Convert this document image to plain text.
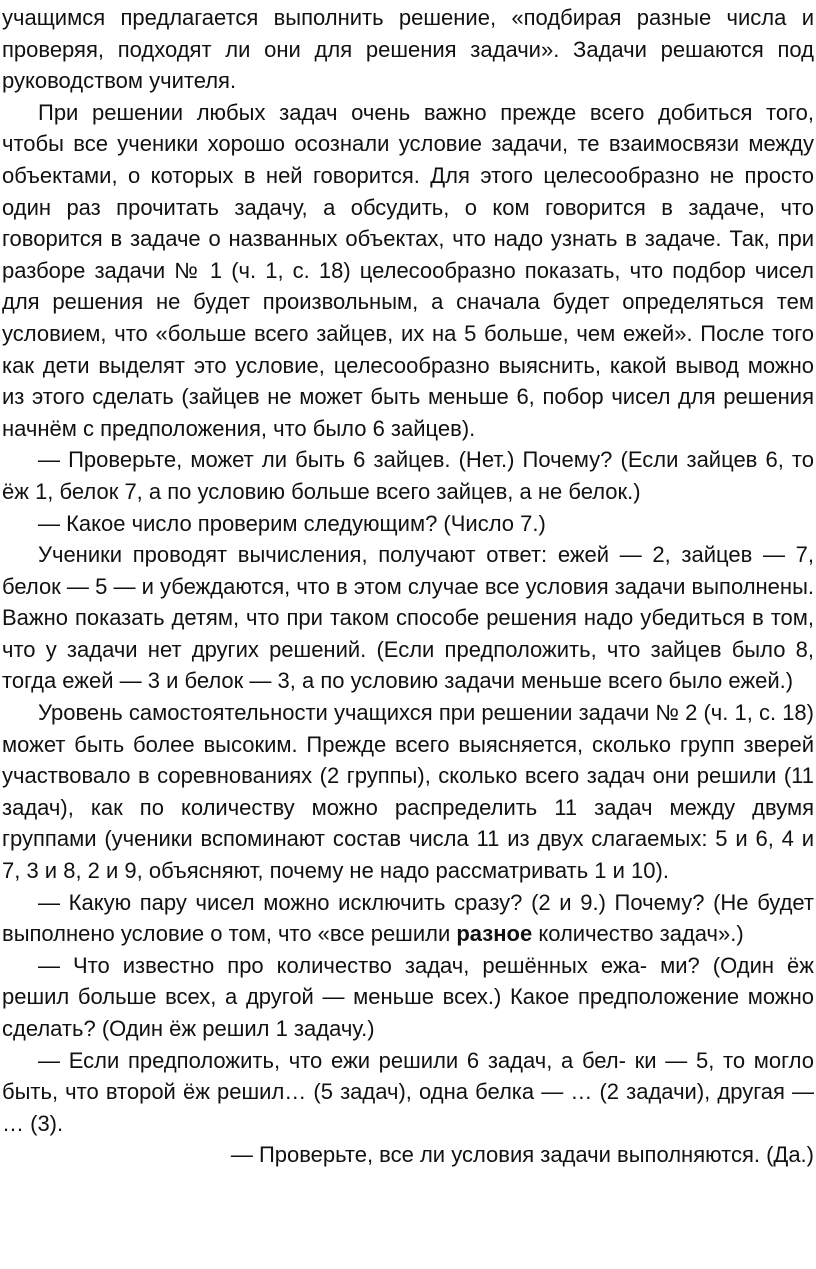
учащимся предлагается выполнить решение, «подбирая разные числа и проверяя, подходят ли они для решения задачи». Задачи решаются под руководством учителя.

При решении любых задач очень важно прежде всего добиться того, чтобы все ученики хорошо осознали условие задачи, те взаимосвязи между объектами, о которых в ней говорится. Для этого целесообразно не просто один раз прочитать задачу, а обсудить, о ком говорится в задаче, что говорится в задаче о названных объектах, что надо узнать в задаче. Так, при разборе задачи № 1 (ч. 1, с. 18) целесообразно показать, что подбор чисел для решения не будет произвольным, а сначала будет определяться тем условием, что «больше всего зайцев, их на 5 больше, чем ежей». После того как дети выделят это условие, целесообразно выяснить, какой вывод можно из этого сделать (зайцев не может быть меньше 6, побор чисел для решения начнём с предположения, что было 6 зайцев).

— Проверьте, может ли быть 6 зайцев. (Нет.) Почему? (Если зайцев 6, то ёж 1, белок 7, а по условию больше всего зайцев, а не белок.)

— Какое число проверим следующим? (Число 7.)

Ученики проводят вычисления, получают ответ: ежей — 2, зайцев — 7, белок — 5 — и убеждаются, что в этом случае все условия задачи выполнены. Важно показать детям, что при таком способе решения надо убедиться в том, что у задачи нет других решений. (Если предположить, что зайцев было 8, тогда ежей — 3 и белок — 3, а по условию задачи меньше всего было ежей.)

Уровень самостоятельности учащихся при решении задачи № 2 (ч. 1, с. 18) может быть более высоким. Прежде всего выясняется, сколько групп зверей участвовало в соревнованиях (2 группы), сколько всего задач они решили (11 задач), как по количеству можно распределить 11 задач между двумя группами (ученики вспоминают состав числа 11 из двух слагаемых: 5 и 6, 4 и 7, 3 и 8, 2 и 9, объясняют, почему не надо рассматривать 1 и 10).

— Какую пару чисел можно исключить сразу? (2 и 9.) Почему? (Не будет выполнено условие о том, что «все решили разное количество задач».)

— Что известно про количество задач, решённых ежа- ми? (Один ёж решил больше всех, а другой — меньше всех.) Какое предположение можно сделать? (Один ёж решил 1 задачу.)

— Если предположить, что ежи решили 6 задач, а бел- ки — 5, то могло быть, что второй ёж решил… (5 задач), одна белка — … (2 задачи), другая — … (3).

— Проверьте, все ли условия задачи выполняются. (Да.)
